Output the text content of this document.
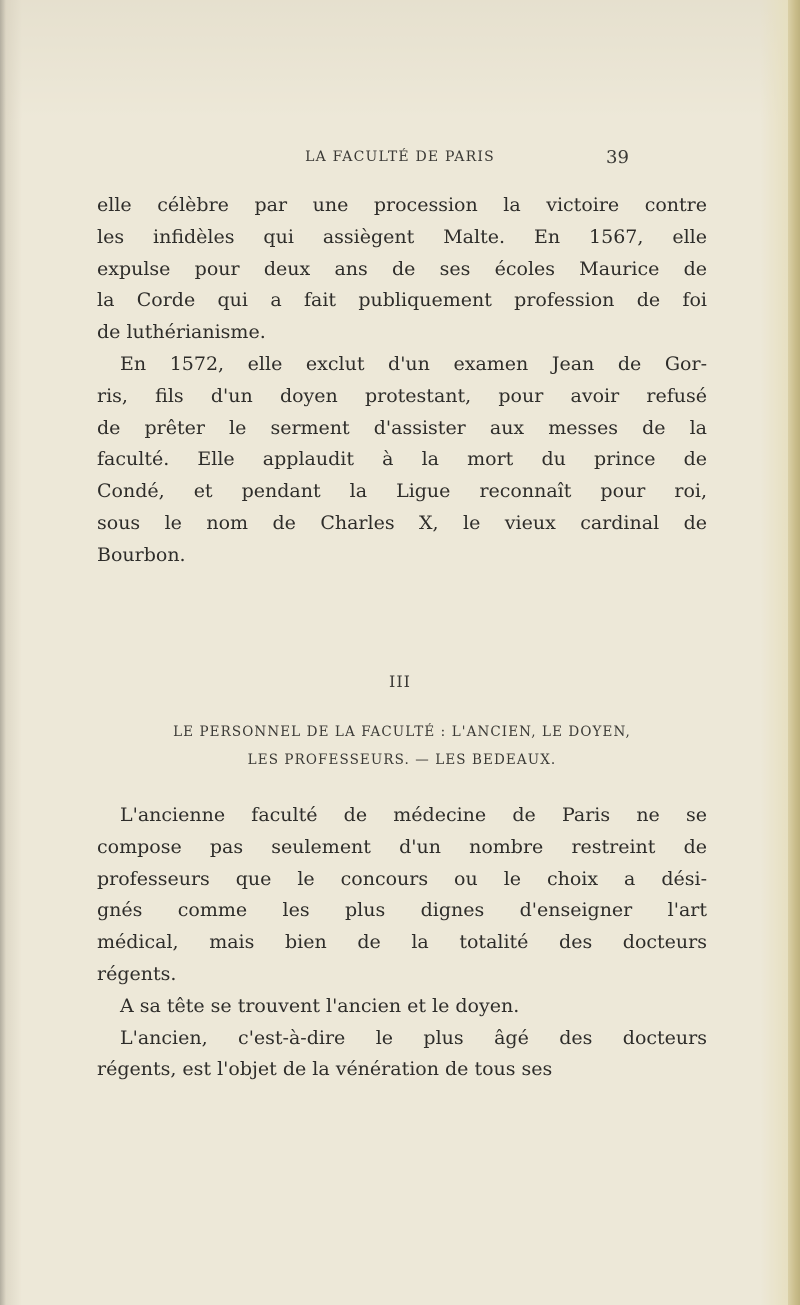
LA FACULTÉ DE PARIS	39
elle célèbre par une procession la victoire contre
les infidèles qui assiègent Malte. En 1567, elle
expulse pour deux ans de ses écoles Maurice de
la Corde qui a fait publiquement profession de foi
de luthérianisme.
En 1572, elle exclut d'un examen Jean de Gor-
ris, fils d'un doyen protestant, pour avoir refusé
de prêter le serment d'assister aux messes de la
faculté. Elle applaudit à la mort du prince de
Condé, et pendant la Ligue reconnaît pour roi,
sous le nom de Charles X, le vieux cardinal de
Bourbon.
III
LE PERSONNEL DE LA FACULTÉ : L'ANCIEN, LE DOYEN,
LES PROFESSEURS. — LES BEDEAUX.
L'ancienne faculté de médecine de Paris ne se
compose pas seulement d'un nombre restreint de
professeurs que le concours ou le choix a dési-
gnés comme les plus dignes d'enseigner l'art
médical, mais bien de la totalité des docteurs
régents.
A sa tête se trouvent l'ancien et le doyen.
L'ancien, c'est-à-dire le plus âgé des docteurs
régents, est l'objet de la vénération de tous ses
